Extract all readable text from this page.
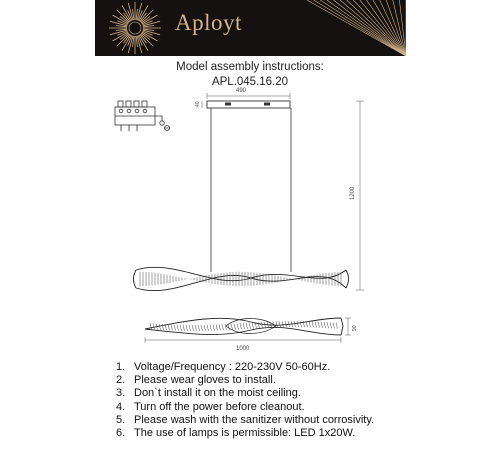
Aployt
Model assembly instructions:
APL.045.16.20
490
40
1200
1000
90
1. Voltage/Frequency : 220-230V 50-60Hz.
2. Please wear gloves to install.
3. Don`t install it on the moist ceiling.
4. Turn off the power before cleanout.
5. Please wash with the sanitizer without corrosivity.
6. The use of lamps is permissible: LED 1x20W.
